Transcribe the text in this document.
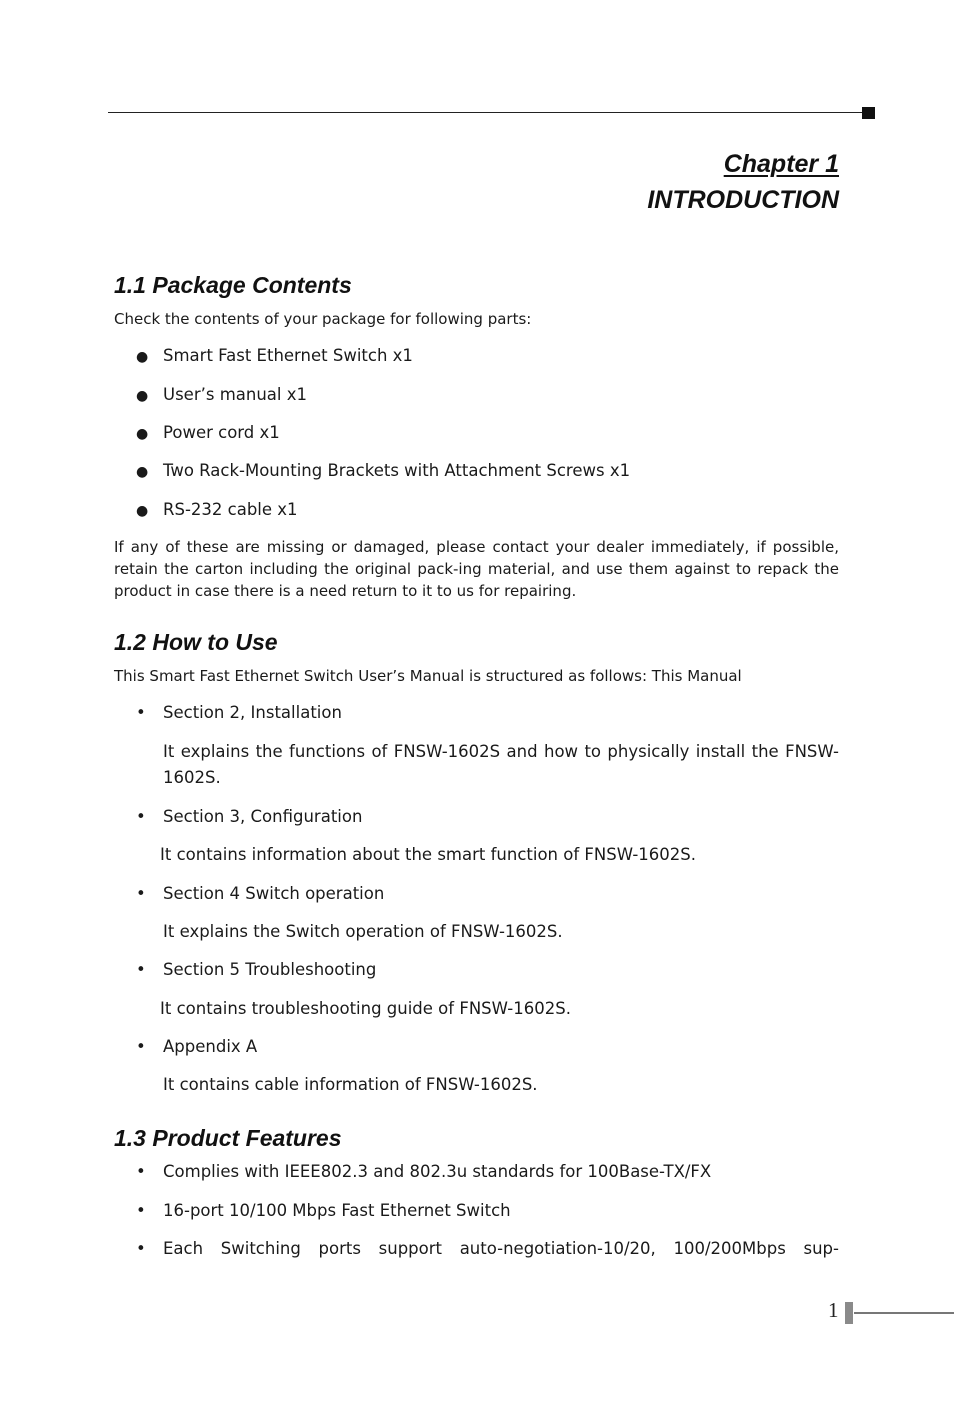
Chapter 1
INTRODUCTION
1.1 Package Contents

Check the contents of your package for following parts:

● Smart Fast Ethernet Switch x1

● User’s manual x1

● Power cord x1

● Two Rack-Mounting Brackets with Attachment Screws x1

● RS-232 cable x1

If any of these are missing or damaged, please contact your dealer immediately, if possible, retain the carton including the original pack-ing material, and use them against to repack the product in case there is a need return to it to us for repairing.

1.2 How to Use

This Smart Fast Ethernet Switch User’s Manual is structured as follows: This Manual

• Section 2, Installation

It explains the functions of FNSW-1602S and how to physically install the FNSW-1602S.

• Section 3, Configuration

It contains information about the smart function of FNSW-1602S.

• Section 4 Switch operation

It explains the Switch operation of FNSW-1602S.

• Section 5 Troubleshooting

It contains troubleshooting guide of FNSW-1602S.

• Appendix A

It contains cable information of FNSW-1602S.

1.3 Product Features

• Complies with IEEE802.3 and 802.3u standards for 100Base-TX/FX

• 16-port 10/100 Mbps Fast Ethernet Switch

•	Each Switching ports support auto-negotiation-10/20, 100/200Mbps sup-

1
